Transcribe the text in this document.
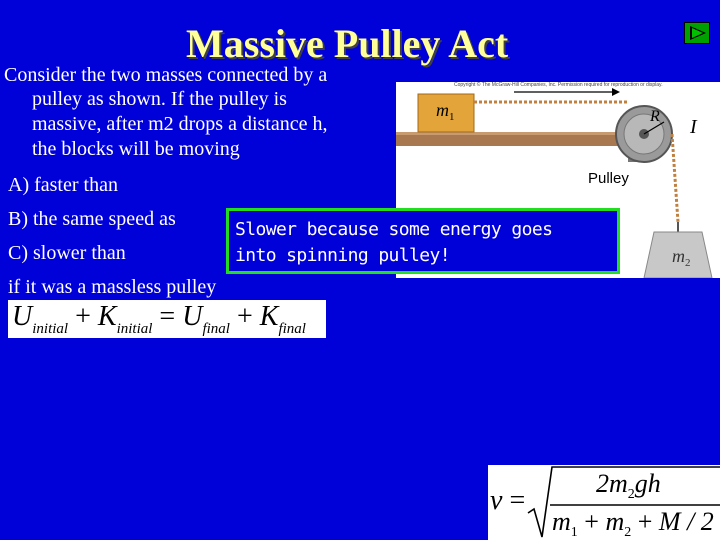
Massive Pulley Act
Consider the two masses connected by a
pulley as shown. If the pulley is
massive, after m2 drops a distance h,
the blocks will be moving
A) faster than
B) the same speed as
C) slower than
if it was a massless pulley
Copyright © The McGraw-Hill Companies, Inc. Permission required for reproduction or display.
$m_1$	R I
Pulley
$m_2$
Slower because some energy goes
into spinning pulley!
$U_{initial} + K_{initial} = U_{final} + K_{final}$
v =
$2m_2gh$
$m_1 + m_2 + M / 2$
